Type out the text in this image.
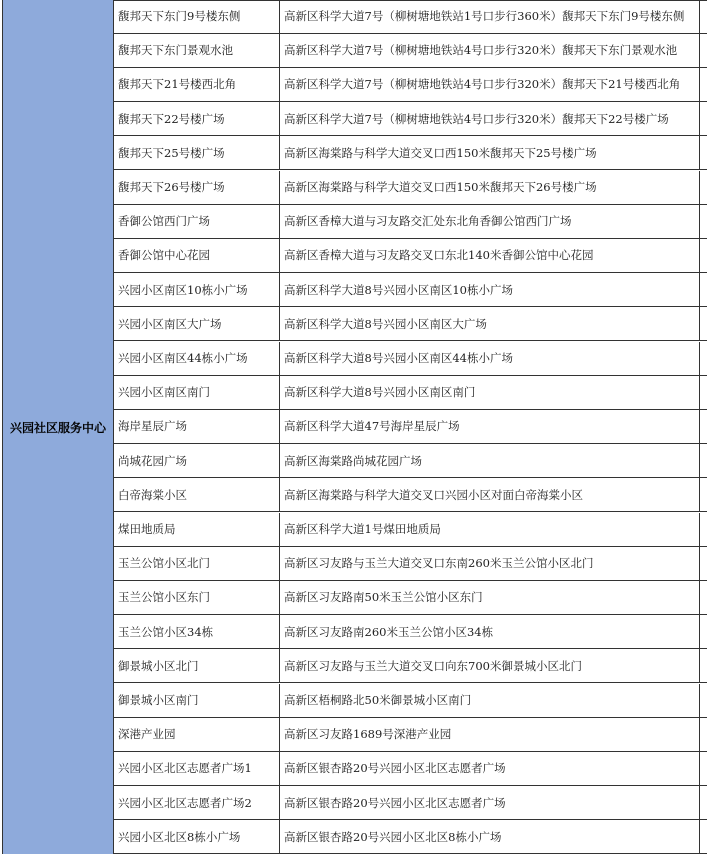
兴园社区服务中心
馥邦天下东门9号楼东侧	高新区科学大道7号（柳树塘地铁站1号口步行360米）馥邦天下东门9号楼东侧
馥邦天下东门景观水池	高新区科学大道7号（柳树塘地铁站4号口步行320米）馥邦天下东门景观水池
馥邦天下21号楼西北角	高新区科学大道7号（柳树塘地铁站4号口步行320米）馥邦天下21号楼西北角
馥邦天下22号楼广场	高新区科学大道7号（柳树塘地铁站4号口步行320米）馥邦天下22号楼广场
馥邦天下25号楼广场	高新区海棠路与科学大道交叉口西150米馥邦天下25号楼广场
馥邦天下26号楼广场	高新区海棠路与科学大道交叉口西150米馥邦天下26号楼广场
香御公馆西门广场	高新区香樟大道与习友路交汇处东北角香御公馆西门广场
香御公馆中心花园	高新区香樟大道与习友路交叉口东北140米香御公馆中心花园
兴园小区南区10栋小广场	高新区科学大道8号兴园小区南区10栋小广场
兴园小区南区大广场	高新区科学大道8号兴园小区南区大广场
兴园小区南区44栋小广场	高新区科学大道8号兴园小区南区44栋小广场
兴园小区南区南门	高新区科学大道8号兴园小区南区南门
海岸星辰广场	高新区科学大道47号海岸星辰广场
尚城花园广场	高新区海棠路尚城花园广场
白帝海棠小区	高新区海棠路与科学大道交叉口兴园小区对面白帝海棠小区
煤田地质局	高新区科学大道1号煤田地质局
玉兰公馆小区北门	高新区习友路与玉兰大道交叉口东南260米玉兰公馆小区北门
玉兰公馆小区东门	高新区习友路南50米玉兰公馆小区东门
玉兰公馆小区34栋	高新区习友路南260米玉兰公馆小区34栋
御景城小区北门	高新区习友路与玉兰大道交叉口向东700米御景城小区北门
御景城小区南门	高新区梧桐路北50米御景城小区南门
深港产业园	高新区习友路1689号深港产业园
兴园小区北区志愿者广场1	高新区银杏路20号兴园小区北区志愿者广场
兴园小区北区志愿者广场2	高新区银杏路20号兴园小区北区志愿者广场
兴园小区北区8栋小广场	高新区银杏路20号兴园小区北区8栋小广场
